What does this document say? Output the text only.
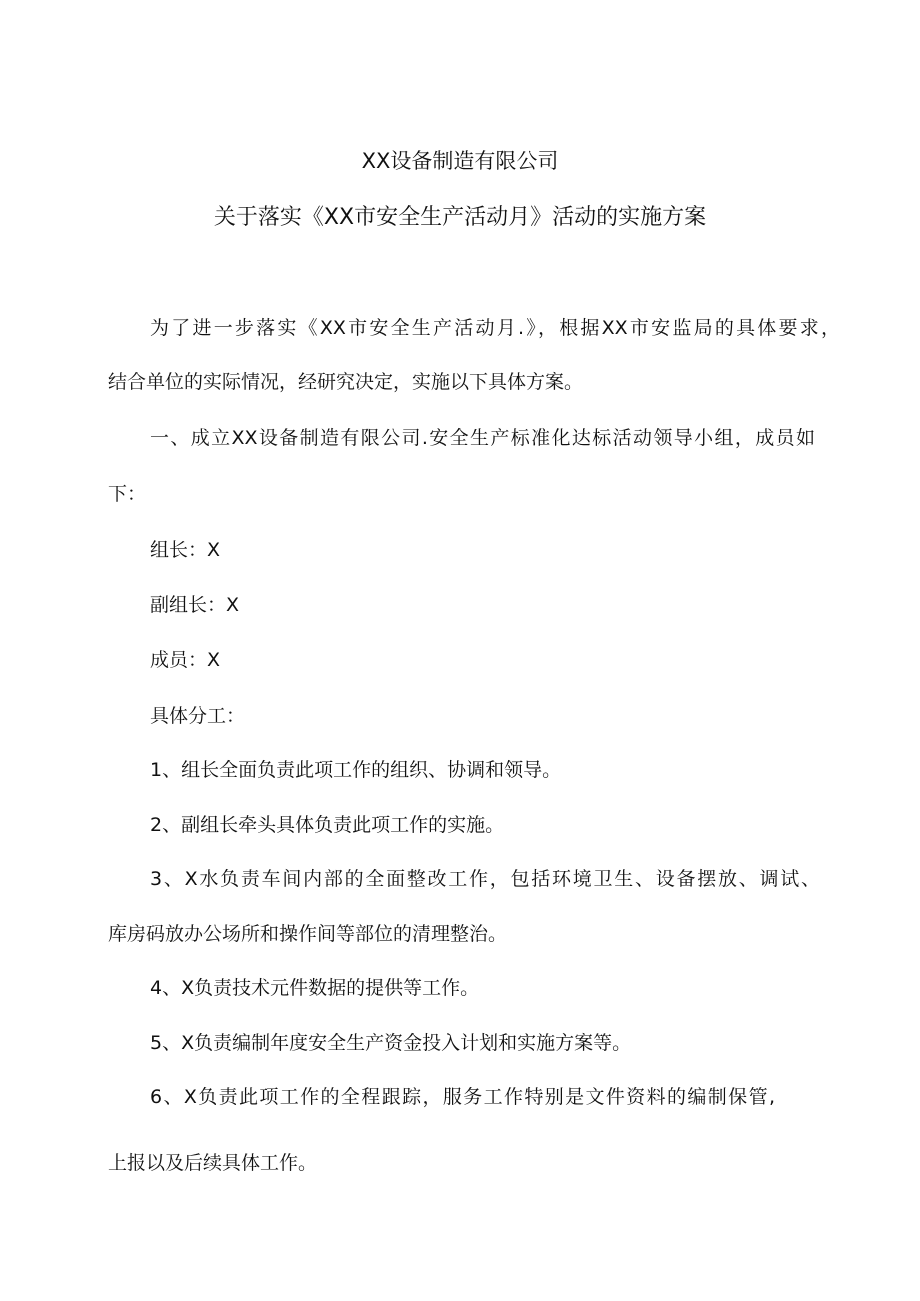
XX设备制造有限公司
关于落实《XX市安全生产活动月》活动的实施方案
为了进一步落实《XX市安全生产活动月.》，根据XX市安监局的具体要求，
结合单位的实际情况，经研究决定，实施以下具体方案。
一、成立XX设备制造有限公司.安全生产标准化达标活动领导小组，成员如
下：
组长：X
副组长：X
成员：X
具体分工：
1、组长全面负责此项工作的组织、协调和领导。
2、副组长牵头具体负责此项工作的实施。
3、X水负责车间内部的全面整改工作，包括环境卫生、设备摆放、调试、
库房码放办公场所和操作间等部位的清理整治。
4、X负责技术元件数据的提供等工作。
5、X负责编制年度安全生产资金投入计划和实施方案等。
6、X负责此项工作的全程跟踪，服务工作特别是文件资料的编制保管,
上报以及后续具体工作。
